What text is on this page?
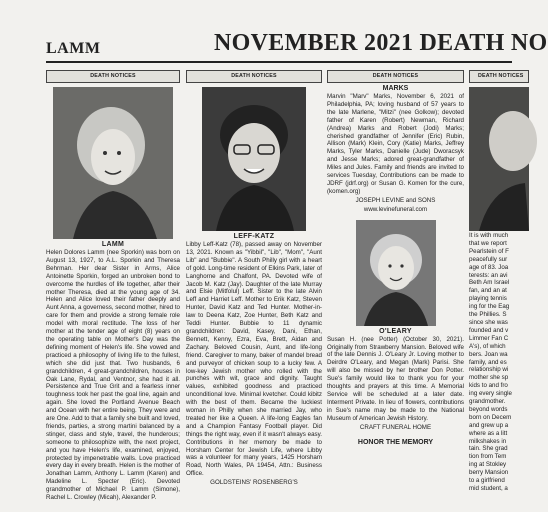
LAMM	NOVEMBER 2021 DEATH NO
DEATH NOTICES
LAMM
Helen Dolores Lamm (nee Sporkin) was born on August 13, 1927, to A.L. Sporkin and Theresa Behrman. Her dear Sister in Arms, Alice Antoinette Sporkin, forged an unbroken bond to overcome the hurdles of life together, after their mother Theresa, died at the young age of 34. Helen and Alice loved their father deeply and Aunt Anna, a governess, second mother, hired to care for them and provide a strong female role model with moral rectitude. The loss of her mother at the tender age of eight (8) years on the operating table on Mother's Day was the defining moment of Helen's life. She vowed and practiced a philosophy of living life to the fullest, which she did just that. Two husbands, 6 grandchildren, 4 great-grandchildren, houses in Oak Lane, Rydal, and Ventnor, she had it all. Persistence and True Grit and a fearless inner toughness took her past the goal line, again and again. She loved the Portland Avenue Beach and Ocean with her entire being. They were and are One. Add to that a family she built and loved, friends, parties, a strong martini balanced by a stinger, class and style, travel, the hunderous; someone to philosophize with, the next project, and you have Helen's life, examined, enjoyed, protected by impenetrable walls. Love practiced every day in every breath. Helen is the mother of Jonathan Lamm, Anthony L. Lamm (Karen) and Madeline L. Specter (Eric). Devoted grandmother of Michael P. Lamm (Simone), Rachel L. Crowley (Micah), Alexander P.
DEATH NOTICES
LEFF-KATZ
Libby Leff-Katz (78), passed away on November 13, 2021. Known as "Yibbil", "Lib", "Mom", "Aunt Lib" and "Bubbie". A South Philly girl with a heart of gold. Long-time resident of Elkins Park, later of Langhorne and Chalfont, PA. Devoted wife of Jacob M. Katz (Jay). Daughter of the late Murray and Elsie (Mitfolul) Leff. Sister to the late Alvin Leff and Harriet Leff. Mother to Erik Katz, Steven Hunter, David Katz and Ted Hunter. Mother-in-law to Deena Katz, Zoe Hunter, Beth Katz and Teddi Hunter. Bubbie to 11 dynamic grandchildren: David, Kasey, Dani, Ethan, Bennett, Kenny, Ezra, Eva, Brett, Aidan and Zachary. Beloved Cousin, Aunt, and life-long friend. Caregiver to many, baker of mandel bread and purveyor of chicken soup to a lucky few. A low-key Jewish mother who rolled with the punches with wit, grace and dignity. Taught values, exhibited goodness and practiced unconditional love. Minimal kvetcher. Could kibitz with the best of them. Became the luckiest woman in Philly when she married Jay, who treated her like a Queen. A life-long Eagles fan and a Champion Fantasy Football player. Did things the right way, even if it wasn't always easy. Contributions in her memory be made to Horsham Center for Jewish Life, where Libby was a volunteer for many years, 1425 Horsham Road, North Wales, PA 19454, Attn.: Business Office.
GOLDSTEINS' ROSENBERG'S
DEATH NOTICES
MARKS
Marvin "Marv" Marks, November 6, 2021 of Philadelphia, PA; loving husband of 57 years to the late Marlene, "Mitzi" (nee Golkow); devoted father of Karen (Robert) Newman, Richard (Andrea) Marks and Robert (Jodi) Marks; cherished grandfather of Jennifer (Eric) Rubin, Allison (Mark) Klein, Cory (Katie) Marks, Jeffrey Marks, Tyler Marks, Danielle (Jude) Dworacsyk and Jesse Marks; adored great-grandfather of Miles and Jules. Family and friends are invited to services Tuesday, Contributions can be made to JDRF (jdrf.org) or Susan G. Komen for the cure, (komen.org)
JOSEPH LEVINE and SONS
www.levinefuneral.com
O'LEARY
Susan H. (nee Potter) (October 30, 2021). Originally from Strawberry Mansion. Beloved wife of the late Dennis J. O'Leary Jr. Loving mother to Deirdre O'Leary, and Megan (Mark) Parisi. She will also be missed by her brother Don Potter. Sue's family would like to thank you for your thoughts and prayers at this time. A Memorial Service will be scheduled at a later date. Interment Private. In lieu of flowers, contributions in Sue's name may be made to the National Museum of American Jewish History.
CRAFT FUNERAL HOME
HONOR THE MEMORY
DEATH NOTICES
It is with much
that we report
Pearlstein of F
peacefully sur
age of 83. Joa
terests: an avi
Beth Am Israel
fan, and an at
playing tennis
ing for the Eag
the Phillies. S
since she was
founded and v
Limmer Fan C
A's), of which
bers. Joan wa
family, and es
relationship wi
mother she sp
kids to and fro
ing every single
grandmother.
beyond words
born on Decem
and grew up a
where as a litt
milkshakes in
tain. She grad
tion from Tem
ing at Stokley
berry Mansion
to a girlfriend
mid student, a
